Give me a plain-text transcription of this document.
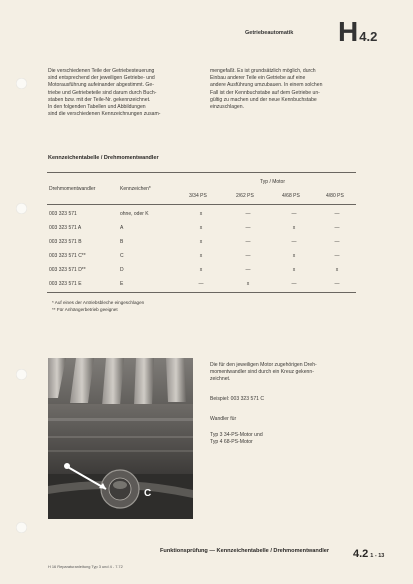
Getriebeautomatik H4.2
Die verschiedenen Teile der Getriebesteuerung
sind entsprechend der jeweiligen Getriebe- und
Motorausführung aufeinander abgestimmt. Ge-
triebe und Getriebeteile sind darum durch Buch-
staben bzw. mit der Teile-Nr. gekennzeichnet.
In den folgenden Tabellen und Abbildungen
sind die verschiedenen Kennzeichnungen zusam-
mengefaßt. Es ist grundsätzlich möglich, durch
Einbau anderer Teile ein Getriebe auf eine
andere Ausführung umzubauen. In einem solchen
Fall ist der Kennbuchstabe auf dem Getriebe un-
gültig zu machen und der neue Kennbuchstabe
einzuschlagen.
Kennzeichentabelle / Drehmomentwandler
Typ / Motor
Drehmomentwandler	Kennzeichen*
3/34 PS	2/62 PS	4/68 PS	4/80 PS
003 323 571	ohne, oder K	x	—	—	—
003 323 571 A	A	x	—	x	—
003 323 571 B	B	x	—	—	—
003 323 571 C**	C	x	—	x	—
003 323 571 D**	D	x	—	x	x
003 323 571 E	E	—	x	—	—
* Auf eines der Antriebsbleche eingeschlagen
** Für Anhängerbetrieb geeignet
C
Die für den jeweiligen Motor zugehörigen Dreh-
momentwandler sind durch ein Kreuz gekenn-
zeichnet.
Beispiel: 003 323 571 C
Wandler für
Typ 3 34-PS-Motor und
Typ 4 68-PS-Motor
H 16 Reparaturanleitung Typ 3 und 4 - 7.72
Funktionsprüfung — Kennzeichentabelle / Drehmomentwandler 4.2 1 - 13
